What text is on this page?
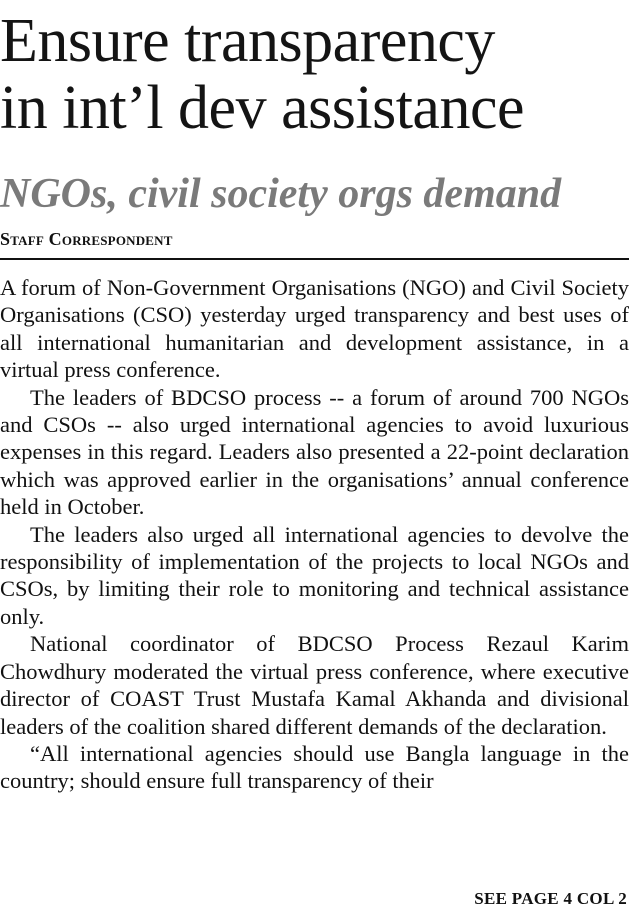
Ensure transparency
in int’l dev assistance
NGOs, civil society orgs demand
Staff Correspondent

A forum of Non-Government Organisations (NGO) and Civil Society Organisations (CSO) yesterday urged transparency and best uses of all international humanitarian and development assistance, in a virtual press conference.

The leaders of BDCSO process -- a forum of around 700 NGOs and CSOs -- also urged international agencies to avoid luxurious expenses in this regard. Leaders also presented a 22-point declaration which was approved earlier in the organisations’ annual conference held in October.

The leaders also urged all international agencies to devolve the responsibility of implementation of the projects to local NGOs and CSOs, by limiting their role to monitoring and technical assistance only.

National coordinator of BDCSO Process Rezaul Karim Chowdhury moderated the virtual press conference, where executive director of COAST Trust Mustafa Kamal Akhanda and divisional leaders of the coalition shared different demands of the declaration.

“All international agencies should use Bangla language in the country; should ensure full transparency of their

SEE PAGE 4 COL 2
